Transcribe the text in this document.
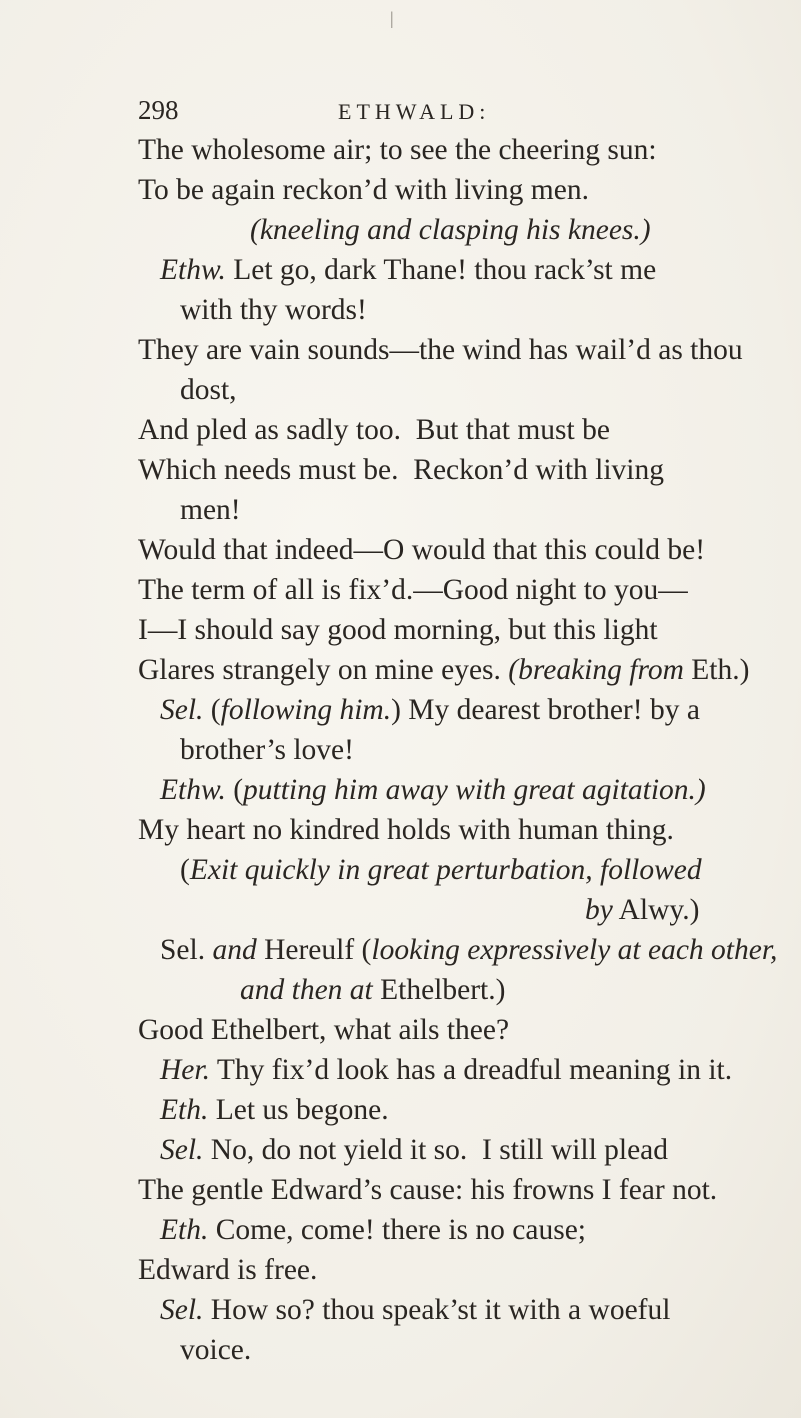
|
298	ETHWALD:
The wholesome air; to see the cheering sun:
To be again reckon’d with living men.
(kneeling and clasping his knees.)
Ethw. Let go, dark Thane! thou rack’st me
with thy words!
They are vain sounds—the wind has wail’d as thou
dost,
And pled as sadly too.  But that must be
Which needs must be.  Reckon’d with living
men!
Would that indeed—O would that this could be!
The term of all is fix’d.—Good night to you—
I—I should say good morning, but this light
Glares strangely on mine eyes. (breaking from Eth.)
Sel. (following him.) My dearest brother! by a
brother’s love!
Ethw. (putting him away with great agitation.)
My heart no kindred holds with human thing.
(Exit quickly in great perturbation, followed
by Alwy.)
Sel. and Hereulf (looking expressively at each other,
and then at Ethelbert.)
Good Ethelbert, what ails thee?
Her. Thy fix’d look has a dreadful meaning in it.
Eth. Let us begone.
Sel. No, do not yield it so.  I still will plead
The gentle Edward’s cause: his frowns I fear not.
Eth. Come, come! there is no cause;
Edward is free.
Sel. How so? thou speak’st it with a woeful
voice.
